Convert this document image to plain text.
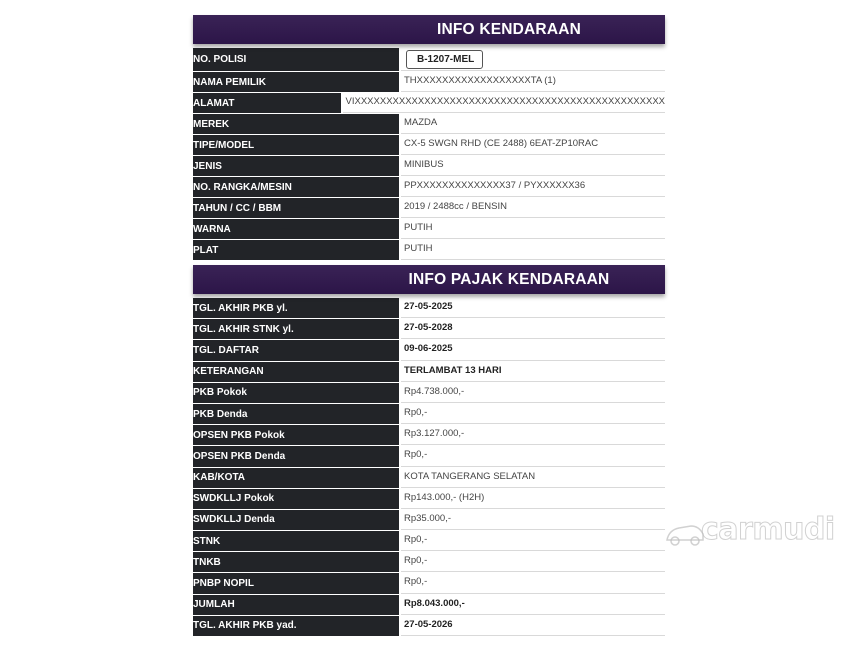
INFO KENDARAAN
NO. POLISI	B-1207-MEL
NAMA PEMILIK	THXXXXXXXXXXXXXXXXXXTA (1)
ALAMAT	VIXXXXXXXXXXXXXXXXXXXXXXXXXXXXXXXXXXXXXXXXXXXXXXXXX
MEREK	MAZDA
TIPE/MODEL	CX-5 SWGN RHD (CE 2488) 6EAT-ZP10RAC
JENIS	MINIBUS
NO. RANGKA/MESIN	PPXXXXXXXXXXXXXX37 / PYXXXXXX36
TAHUN / CC / BBM	2019 / 2488cc / BENSIN
WARNA	PUTIH
PLAT	PUTIH
INFO PAJAK KENDARAAN
TGL. AKHIR PKB yl.	27-05-2025
TGL. AKHIR STNK yl.	27-05-2028
TGL. DAFTAR	09-06-2025
KETERANGAN	TERLAMBAT 13 HARI
PKB Pokok	Rp4.738.000,-
PKB Denda	Rp0,-
OPSEN PKB Pokok	Rp3.127.000,-
OPSEN PKB Denda	Rp0,-
KAB/KOTA	KOTA TANGERANG SELATAN
SWDKLLJ Pokok	Rp143.000,- (H2H)
SWDKLLJ Denda	Rp35.000,-
STNK	Rp0,-
TNKB	Rp0,-
PNBP NOPIL	Rp0,-
JUMLAH	Rp8.043.000,-
TGL. AKHIR PKB yad.	27-05-2026
carmudi
